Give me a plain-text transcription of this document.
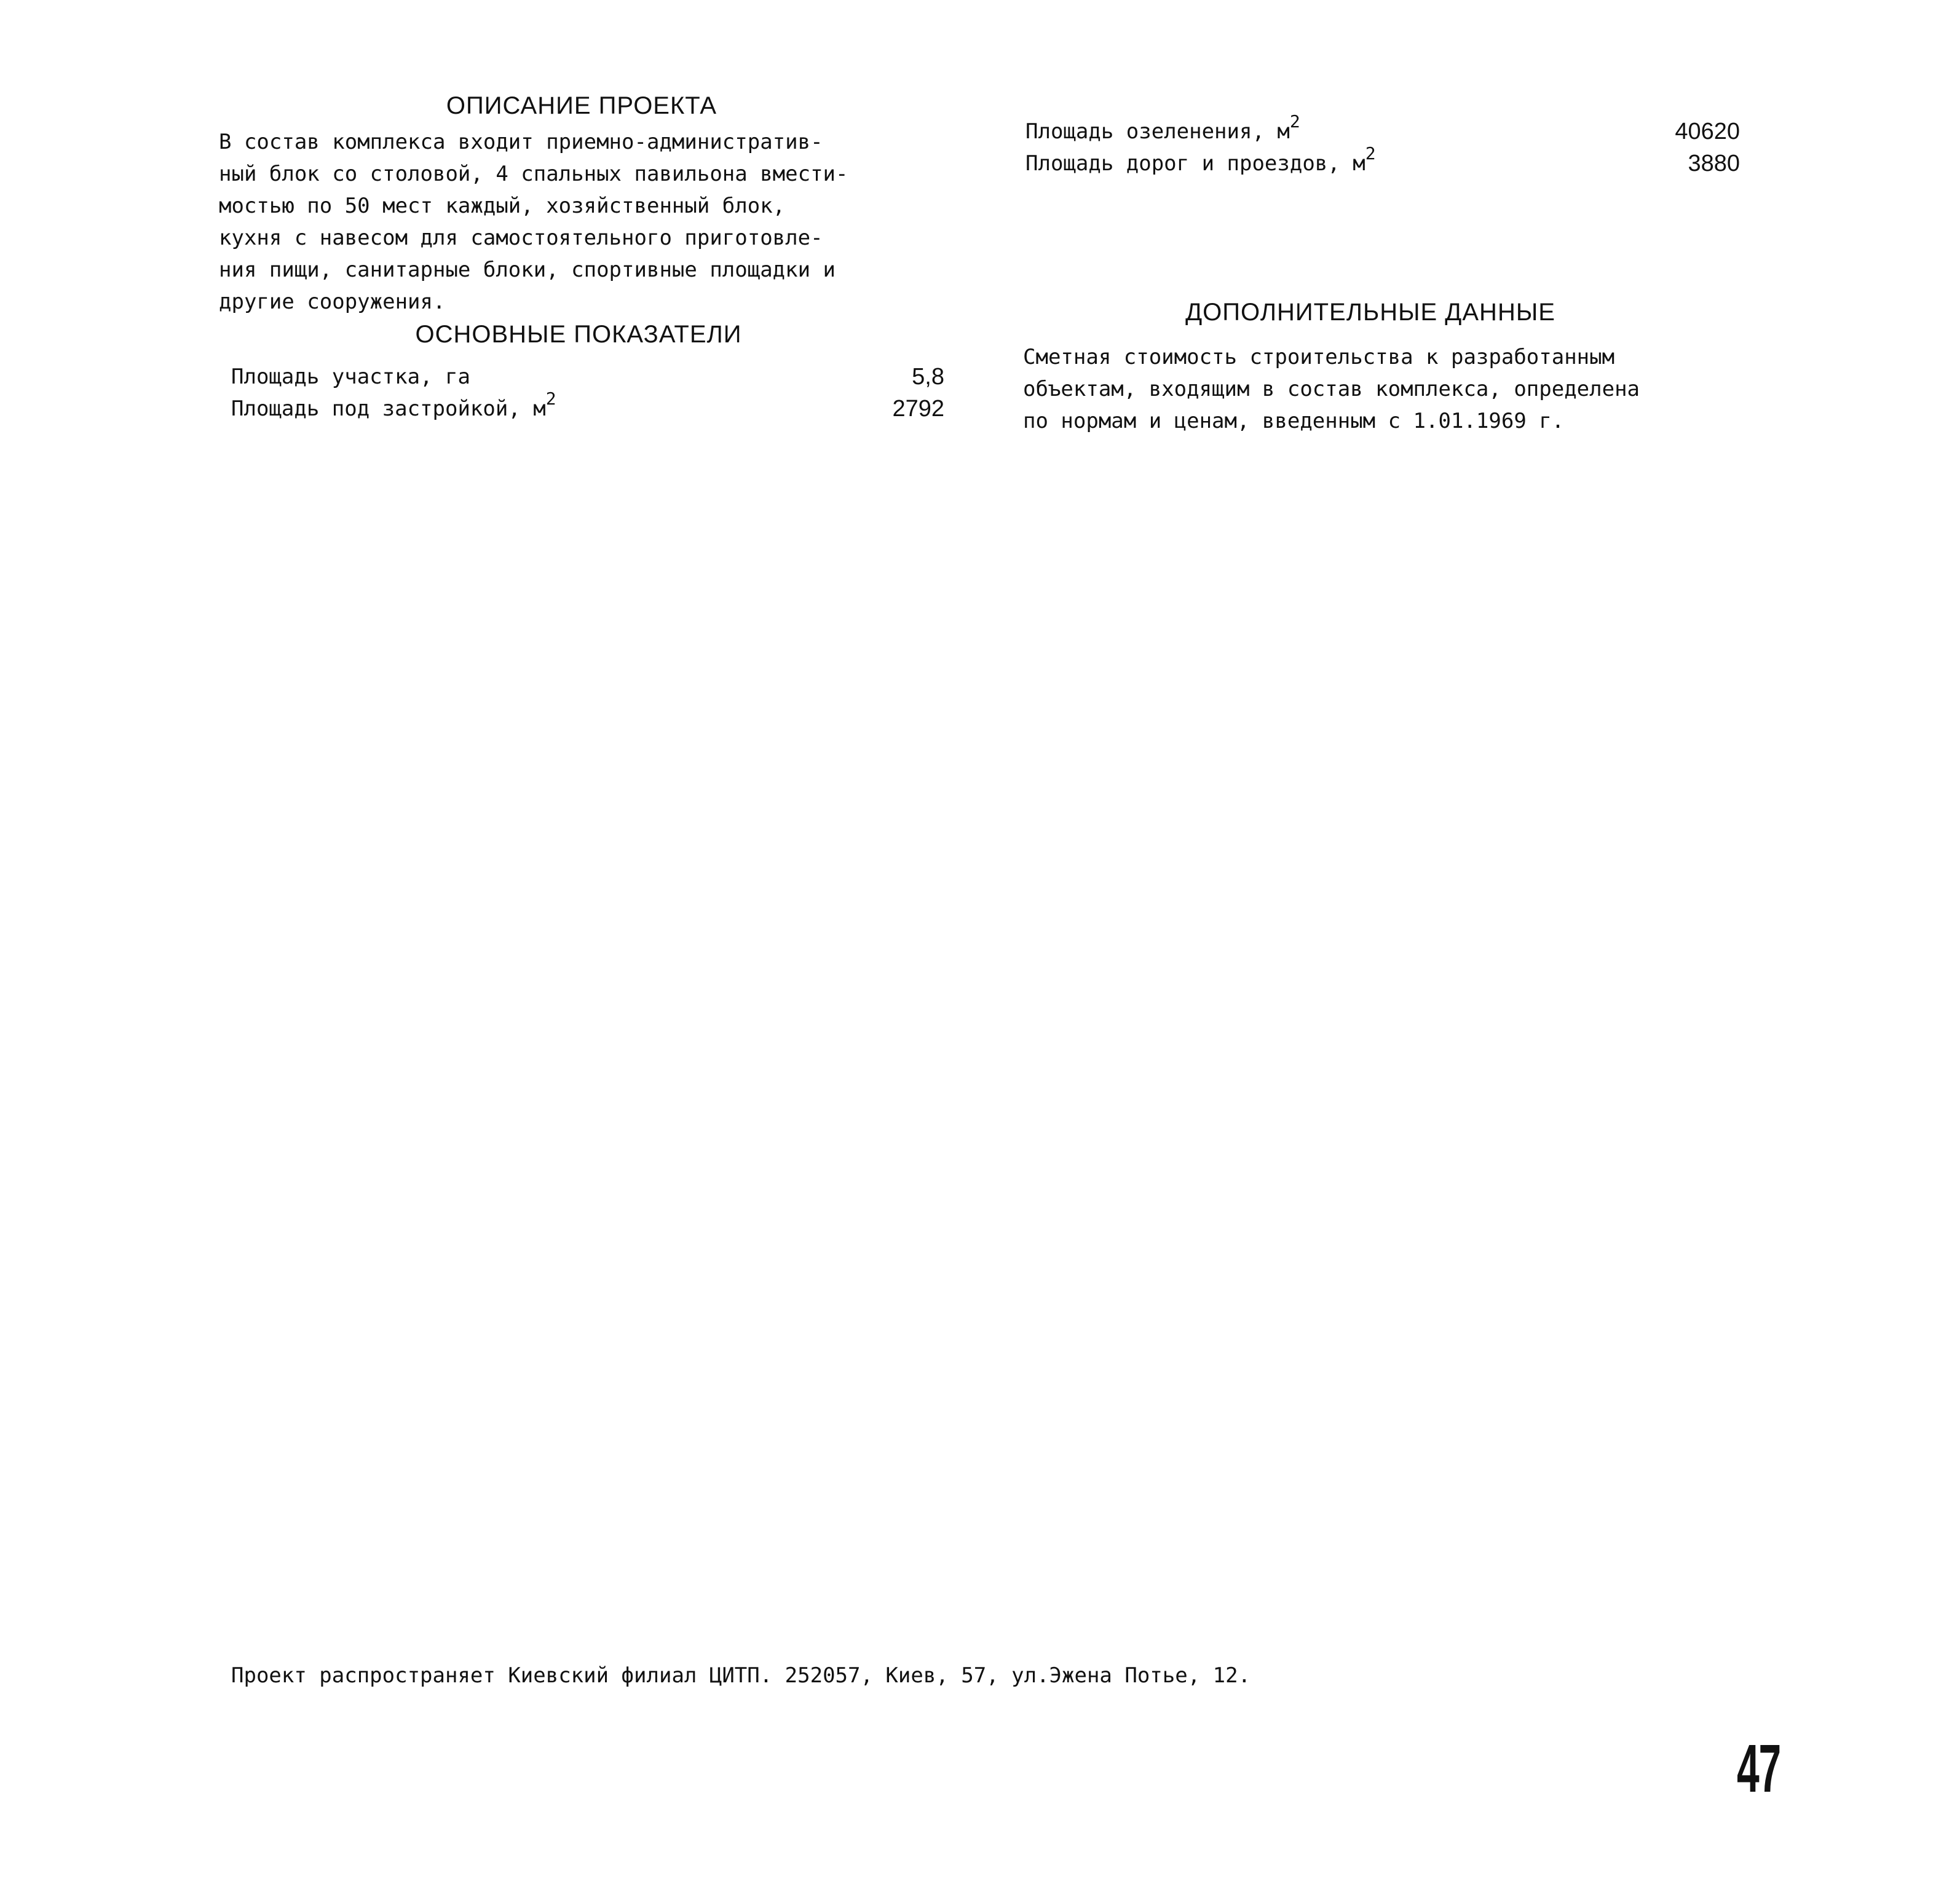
ОПИСАНИЕ ПРОЕКТА

В состав комплекса входит приемно-административ-

ный блок со столовой, 4 спальных павильона вмести-

мостью по 50 мест каждый, хозяйственный блок,

кухня с навесом для самостоятельного приготовле-

ния пищи, санитарные блоки, спортивные площадки и

другие сооружения.

ОСНОВНЫЕ ПОКАЗАТЕЛИ
Площадь участка, га	5,8
Площадь под застройкой, $м^2$	2792
Площадь озеленения, $м^2$	40620
Площадь дорог и проездов, $м^2$	3880
ДОПОЛНИТЕЛЬНЫЕ ДАННЫЕ

Сметная стоимость строительства к разработанным

объектам, входящим в состав комплекса, определена

по нормам и ценам, введенным с 1.01.1969 г.

Проект распространяет Киевский филиал ЦИТП. 252057, Киев, 57, ул.Эжена Потье, 12.
47
